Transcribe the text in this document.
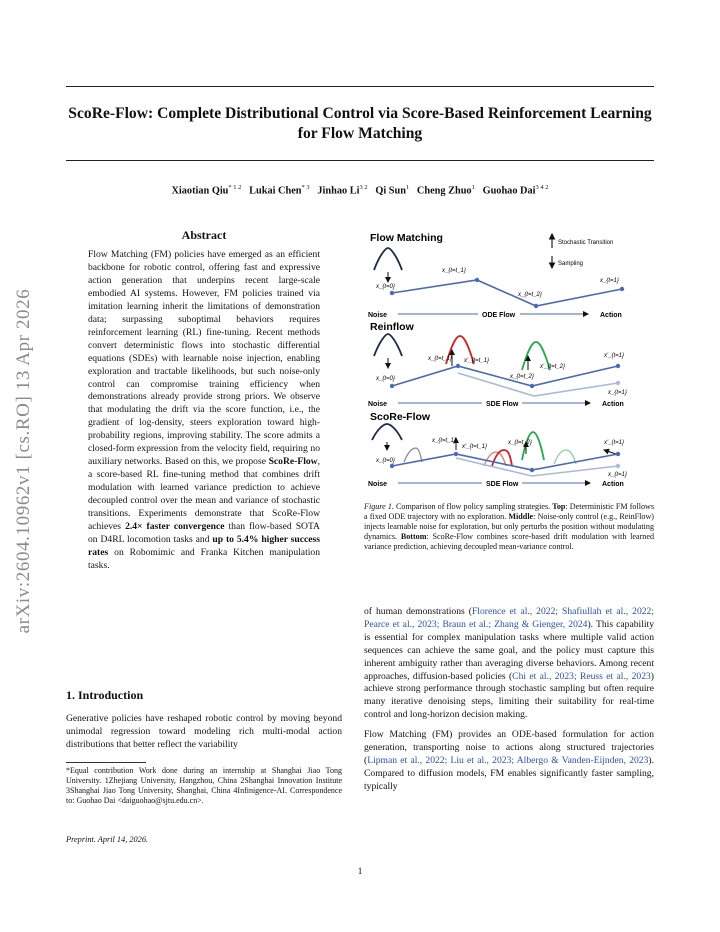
ScoRe-Flow: Complete Distributional Control via Score-Based Reinforcement Learning for Flow Matching
Xiaotian Qiu$^{* 1 2}$ Lukai Chen$^{* 3}$ Jinhao $Li^{3 2}$ Qi Sun$^1$ Cheng Zhuo$^1$ Guohao Dai$^{3 4 2}$
arXiv:2604.10962v1 [cs.RO] 13 Apr 2026
Abstract

Flow Matching (FM) policies have emerged as an efficient backbone for robotic control, offering fast and expressive action generation that underpins recent large-scale embodied AI systems. However, FM policies trained via imitation learning inherit the limitations of demonstration data; surpassing suboptimal behaviors requires reinforcement learning (RL) fine-tuning. Recent methods convert deterministic flows into stochastic differential equations (SDEs) with learnable noise injection, enabling exploration and tractable likelihoods, but such noise-only control can compromise training efficiency when demonstrations already provide strong priors. We observe that modulating the drift via the score function, i.e., the gradient of log-density, steers exploration toward high-probability regions, improving stability. The score admits a closed-form expression from the velocity field, requiring no auxiliary networks. Based on this, we propose ScoRe-Flow, a score-based RL fine-tuning method that combines drift modulation with learned variance prediction to achieve decoupled control over the mean and variance of stochastic transitions. Experiments demonstrate that ScoRe-Flow achieves 2.4× faster convergence than flow-based SOTA on D4RL locomotion tasks and up to 5.4% higher success rates on Robomimic and Franka Kitchen manipulation tasks.

1. Introduction

Generative policies have reshaped robotic control by moving beyond unimodal regression toward modeling rich multi-modal action distributions that better reflect the variability

*Equal contribution Work done during an internship at Shanghai Jiao Tong University. 1Zhejiang University, Hangzhou, China 2Shanghai Innovation Institute 3Shanghai Jiao Tong University, Shanghai, China 4Infinigence-AI. Correspondence to: Guohao Dai <daiguohao@sjtu.edu.cn>.

Preprint. April 14, 2026.
1
Flow Matching	Stochastic Transition
Sampling
x_{t=0}
x_{t=t_1}
x_{t=t_2}
x_{t=1}
Noise	ODE Flow	Action
Reinflow
x_{t=0}
x_{t=t_1} x'_{t=t_1}
x_{t=t_2}
x'_{t=t_2}
x'_{t=1}
x_{t=1}
Noise	SDE Flow	Action
ScoRe-Flow
x_{t=0}
x_{t=t_1}
x'_{t=t_1}
x_{t=t_2}	x'_{t=1}
x_{t=1}
Noise	SDE Flow	Action

Figure 1. Comparison of flow policy sampling strategies. Top: Deterministic FM follows a fixed ODE trajectory with no exploration. Middle: Noise-only control (e.g., ReinFlow) injects learnable noise for exploration, but only perturbs the position without modulating dynamics. Bottom: ScoRe-Flow combines score-based drift modulation with learned variance prediction, achieving decoupled mean-variance control.

of human demonstrations (Florence et al., 2022; Shafiullah et al., 2022; Pearce et al., 2023; Braun et al.; Zhang & Gienger, 2024). This capability is essential for complex manipulation tasks where multiple valid action sequences can achieve the same goal, and the policy must capture this inherent ambiguity rather than averaging diverse behaviors. Among recent approaches, diffusion-based policies (Chi et al., 2023; Reuss et al., 2023) achieve strong performance through stochastic sampling but often require many iterative denoising steps, limiting their suitability for real-time control and long-horizon decision making.

Flow Matching (FM) provides an ODE-based formulation for action generation, transporting noise to actions along structured trajectories (Lipman et al., 2022; Liu et al., 2023; Albergo & Vanden-Eijnden, 2023). Compared to diffusion models, FM enables significantly faster sampling, typically
